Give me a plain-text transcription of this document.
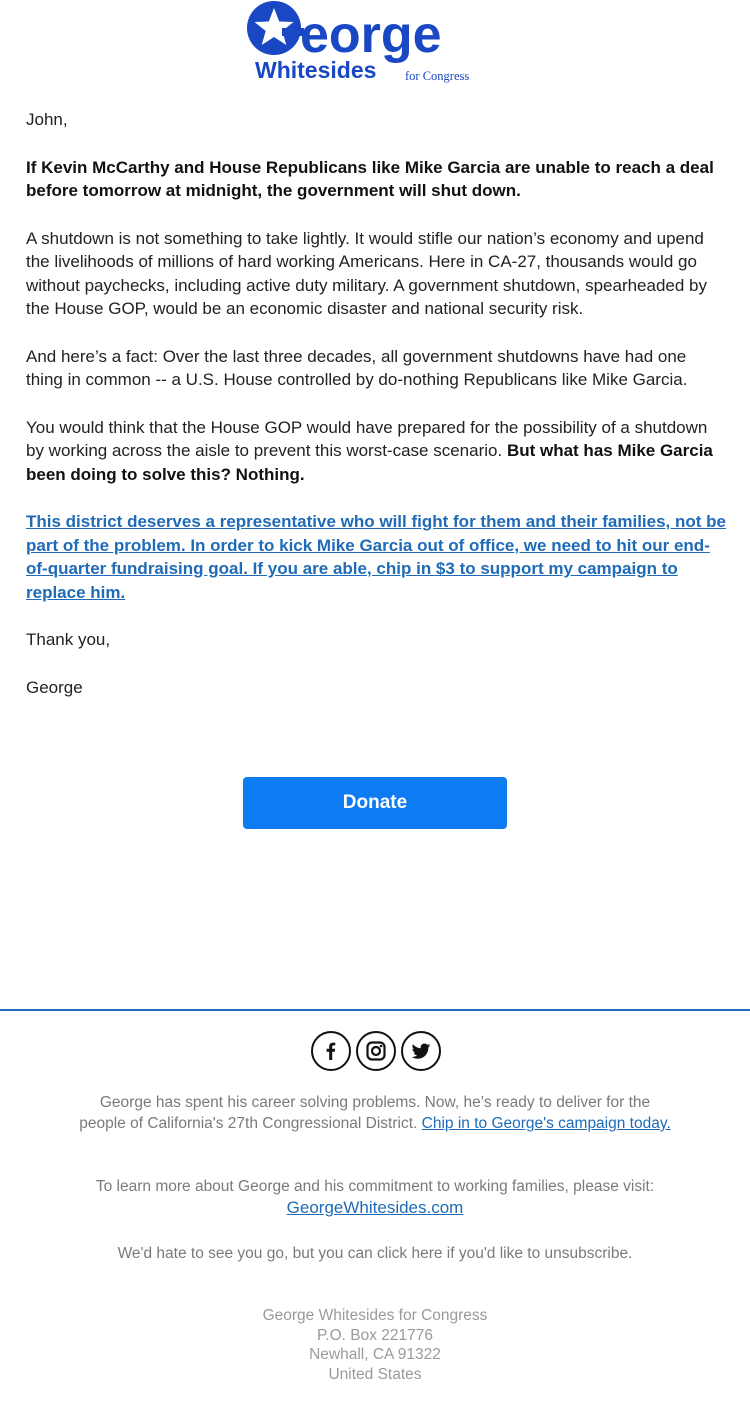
eorge
Whitesides for Congress

John,

If Kevin McCarthy and House Republicans like Mike Garcia are unable to reach a deal before tomorrow at midnight, the government will shut down.

A shutdown is not something to take lightly. It would stifle our nation’s economy and upend the livelihoods of millions of hard working Americans. Here in CA-27, thousands would go without paychecks, including active duty military. A government shutdown, spearheaded by the House GOP, would be an economic disaster and national security risk.

And here’s a fact: Over the last three decades, all government shutdowns have had one thing in common -- a U.S. House controlled by do-nothing Republicans like Mike Garcia.

You would think that the House GOP would have prepared for the possibility of a shutdown by working across the aisle to prevent this worst-case scenario. But what has Mike Garcia been doing to solve this? Nothing.

This district deserves a representative who will fight for them and their families, not be part of the problem. In order to kick Mike Garcia out of office, we need to hit our end-of-quarter fundraising goal. If you are able, chip in $3 to support my campaign to replace him.

Thank you,

George

Donate
George has spent his career solving problems. Now, he’s ready to deliver for the people of California's 27th Congressional District. Chip in to George's campaign today.
To learn more about George and his commitment to working families, please visit:
GeorgeWhitesides.com
We'd hate to see you go, but you can click here if you'd like to unsubscribe.
George Whitesides for Congress
P.O. Box 221776
Newhall, CA 91322
United States
